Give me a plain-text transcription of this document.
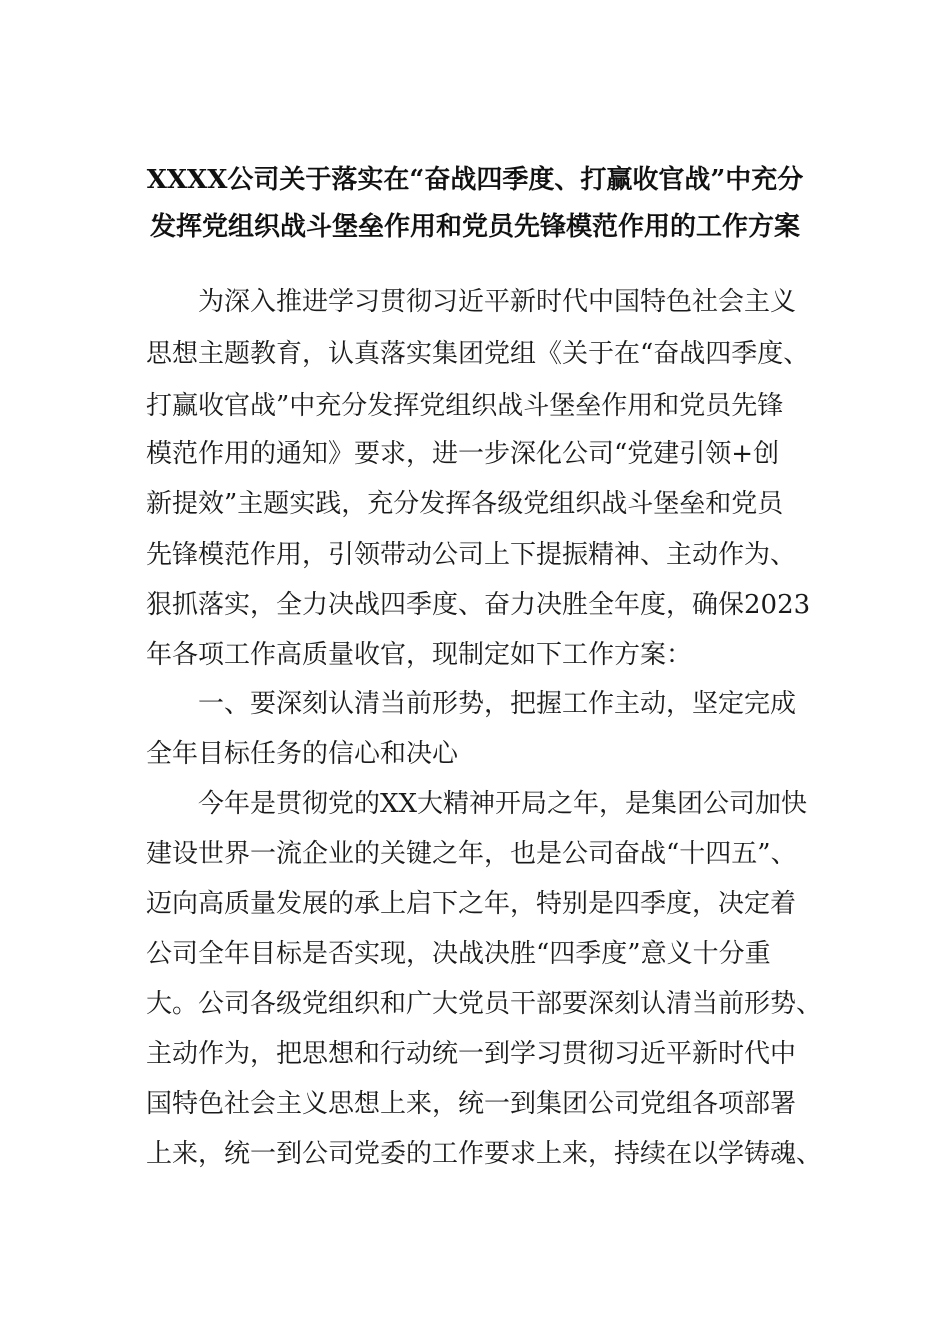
XXXX公司关于落实在“奋战四季度、打赢收官战”中充分
发挥党组织战斗堡垒作用和党员先锋模范作用的工作方案

为深入推进学习贯彻习近平新时代中国特色社会主义

思想主题教育，认真落实集团党组《关于在“奋战四季度、

打赢收官战”中充分发挥党组织战斗堡垒作用和党员先锋

模范作用的通知》要求，进一步深化公司“党建引领+创

新提效”主题实践，充分发挥各级党组织战斗堡垒和党员

先锋模范作用，引领带动公司上下提振精神、主动作为、

狠抓落实，全力决战四季度、奋力决胜全年度，确保2023

年各项工作高质量收官，现制定如下工作方案：

一、要深刻认清当前形势，把握工作主动，坚定完成

全年目标任务的信心和决心

今年是贯彻党的XX大精神开局之年，是集团公司加快

建设世界一流企业的关键之年，也是公司奋战“十四五”、

迈向高质量发展的承上启下之年，特别是四季度，决定着

公司全年目标是否实现，决战决胜“四季度”意义十分重

大。公司各级党组织和广大党员干部要深刻认清当前形势、

主动作为，把思想和行动统一到学习贯彻习近平新时代中

国特色社会主义思想上来，统一到集团公司党组各项部署

上来，统一到公司党委的工作要求上来，持续在以学铸魂、
